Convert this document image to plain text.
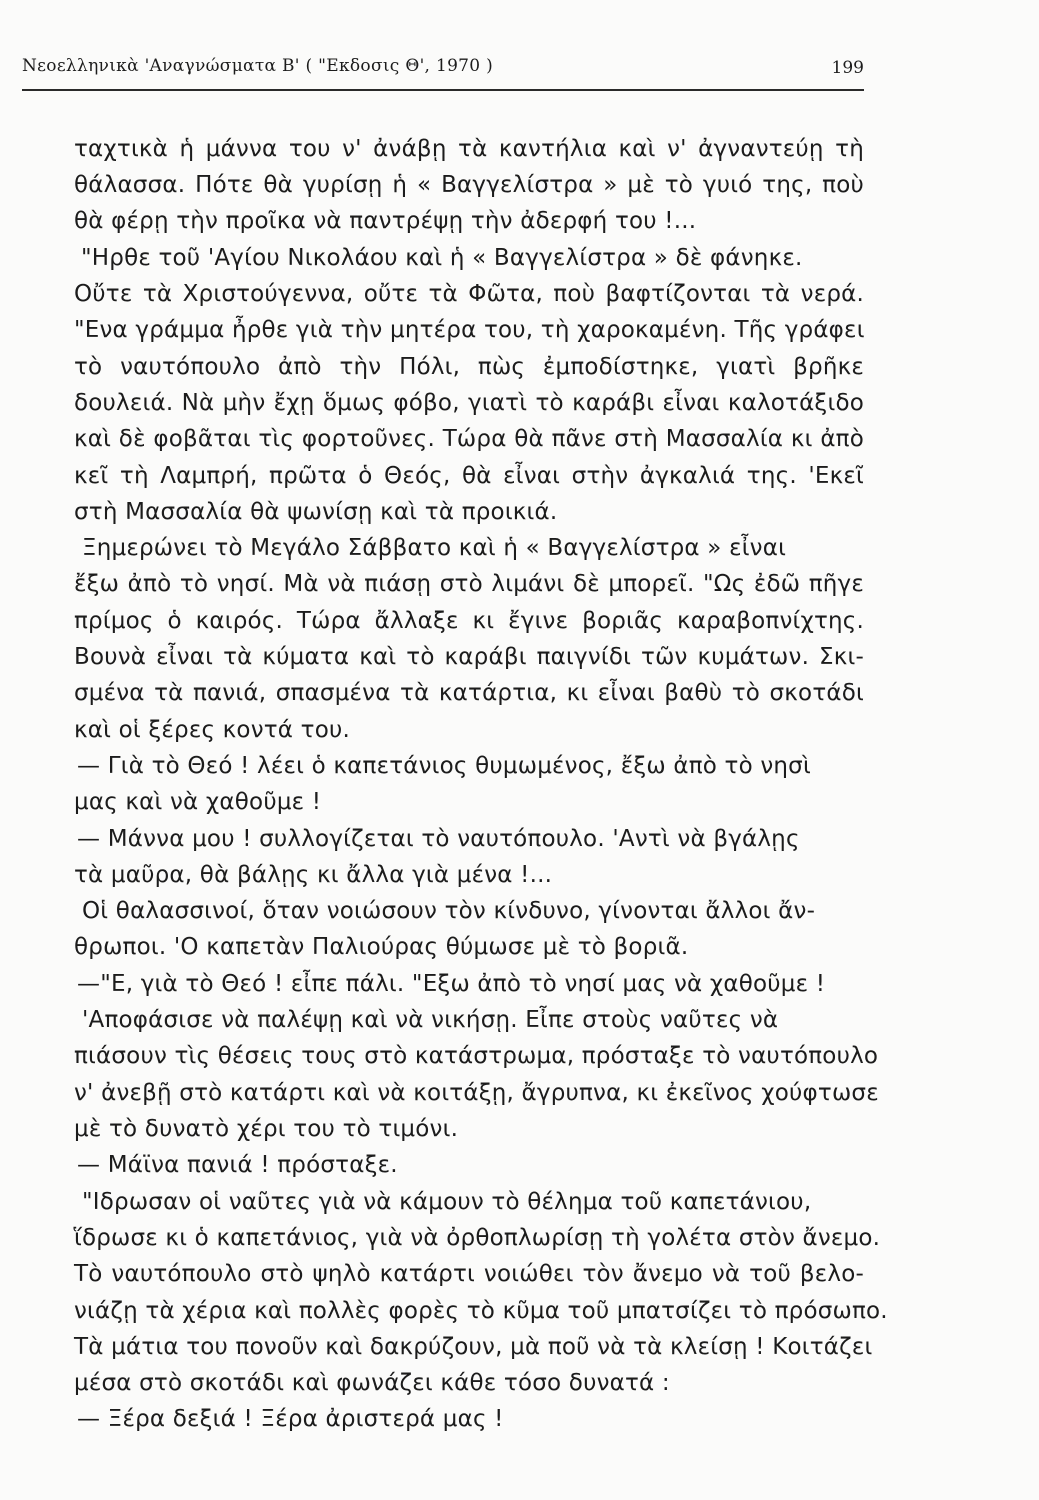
Νεοελληνικὰ 'Αναγνώσματα Β' ( "Εκδοσις Θ', 1970 )	199
ταχτικὰ ἡ μάννα του ν' ἀνάβῃ τὰ καντήλια καὶ ν' ἀγναντεύῃ τὴ
θάλασσα. Πότε θὰ γυρίσῃ ἡ « Βαγγελίστρα » μὲ τὸ γυιό της, ποὺ
θὰ φέρῃ τὴν προῖκα νὰ παντρέψῃ τὴν ἀδερφή του !...
"Ηρθε τοῦ 'Αγίου Νικολάου καὶ ἡ « Βαγγελίστρα » δὲ φάνηκε.
Οὔτε τὰ Χριστούγεννα, οὔτε τὰ Φῶτα, ποὺ βαφτίζονται τὰ νερά.
"Ενα γράμμα ἦρθε γιὰ τὴν μητέρα του, τὴ χαροκαμένη. Τῆς γράφει
τὸ ναυτόπουλο ἀπὸ τὴν Πόλι, πὼς ἐμποδίστηκε, γιατὶ βρῆκε
δουλειά. Νὰ μὴν ἔχῃ ὅμως φόβο, γιατὶ τὸ καράβι εἶναι καλοτάξιδο
καὶ δὲ φοβᾶται τὶς φορτοῦνες. Τώρα θὰ πᾶνε στὴ Μασσαλία κι ἀπὸ
κεῖ τὴ Λαμπρή, πρῶτα ὁ Θεός, θὰ εἶναι στὴν ἀγκαλιά της. 'Εκεῖ
στὴ Μασσαλία θὰ ψωνίσῃ καὶ τὰ προικιά.
Ξημερώνει τὸ Μεγάλο Σάββατο καὶ ἡ « Βαγγελίστρα » εἶναι
ἔξω ἀπὸ τὸ νησί. Μὰ νὰ πιάσῃ στὸ λιμάνι δὲ μπορεῖ. "Ως ἐδῶ πῆγε
πρίμος ὁ καιρός. Τώρα ἄλλαξε κι ἔγινε βοριᾶς καραβοπνίχτης.
Βουνὰ εἶναι τὰ κύματα καὶ τὸ καράβι παιγνίδι τῶν κυμάτων. Σκι-
σμένα τὰ πανιά, σπασμένα τὰ κατάρτια, κι εἶναι βαθὺ τὸ σκοτάδι
καὶ οἱ ξέρες κοντά του.
— Γιὰ τὸ Θεό ! λέει ὁ καπετάνιος θυμωμένος, ἔξω ἀπὸ τὸ νησὶ
μας καὶ νὰ χαθοῦμε !
— Μάννα μου ! συλλογίζεται τὸ ναυτόπουλο. 'Αντὶ νὰ βγάλῃς
τὰ μαῦρα, θὰ βάλῃς κι ἄλλα γιὰ μένα !...
Οἱ θαλασσινοί, ὅταν νοιώσουν τὸν κίνδυνο, γίνονται ἄλλοι ἄν-
θρωποι. 'Ο καπετὰν Παλιούρας θύμωσε μὲ τὸ βοριᾶ.
—"Ε, γιὰ τὸ Θεό ! εἶπε πάλι. "Εξω ἀπὸ τὸ νησί μας νὰ χαθοῦμε !
'Αποφάσισε νὰ παλέψῃ καὶ νὰ νικήσῃ. Εἶπε στοὺς ναῦτες νὰ
πιάσουν τὶς θέσεις τους στὸ κατάστρωμα, πρόσταξε τὸ ναυτόπουλο
ν' ἀνεβῇ στὸ κατάρτι καὶ νὰ κοιτάξῃ, ἄγρυπνα, κι ἐκεῖνος χούφτωσε
μὲ τὸ δυνατὸ χέρι του τὸ τιμόνι.
— Μάϊνα πανιά ! πρόσταξε.
"Ιδρωσαν οἱ ναῦτες γιὰ νὰ κάμουν τὸ θέλημα τοῦ καπετάνιου,
ἵδρωσε κι ὁ καπετάνιος, γιὰ νὰ ὀρθοπλωρίσῃ τὴ γολέτα στὸν ἄνεμο.
Τὸ ναυτόπουλο στὸ ψηλὸ κατάρτι νοιώθει τὸν ἄνεμο νὰ τοῦ βελο-
νιάζῃ τὰ χέρια καὶ πολλὲς φορὲς τὸ κῦμα τοῦ μπατσίζει τὸ πρόσωπο.
Τὰ μάτια του πονοῦν καὶ δακρύζουν, μὰ ποῦ νὰ τὰ κλείσῃ ! Κοιτάζει
μέσα στὸ σκοτάδι καὶ φωνάζει κάθε τόσο δυνατά :
— Ξέρα δεξιά ! Ξέρα ἀριστερά μας !
